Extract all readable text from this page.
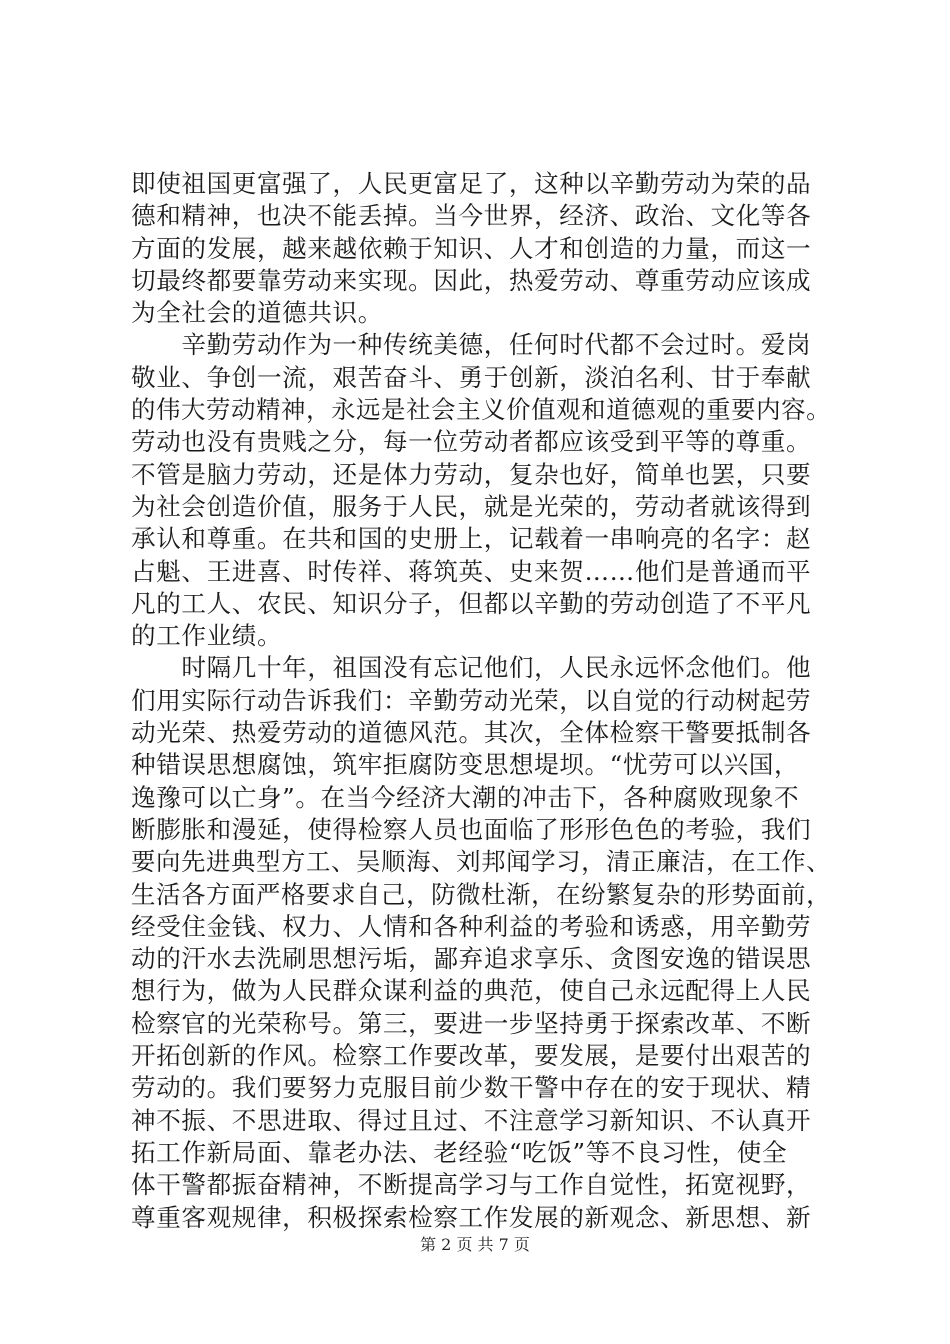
即使祖国更富强了，人民更富足了，这种以辛勤劳动为荣的品
德和精神，也决不能丢掉。当今世界，经济、政治、文化等各
方面的发展，越来越依赖于知识、人才和创造的力量，而这一
切最终都要靠劳动来实现。因此，热爱劳动、尊重劳动应该成
为全社会的道德共识。
　　辛勤劳动作为一种传统美德，任何时代都不会过时。爱岗
敬业、争创一流，艰苦奋斗、勇于创新，淡泊名利、甘于奉献
的伟大劳动精神，永远是社会主义价值观和道德观的重要内容。
劳动也没有贵贱之分，每一位劳动者都应该受到平等的尊重。
不管是脑力劳动，还是体力劳动，复杂也好，简单也罢，只要
为社会创造价值，服务于人民，就是光荣的，劳动者就该得到
承认和尊重。在共和国的史册上，记载着一串响亮的名字：赵
占魁、王进喜、时传祥、蒋筑英、史来贺……他们是普通而平
凡的工人、农民、知识分子，但都以辛勤的劳动创造了不平凡
的工作业绩。
　　时隔几十年，祖国没有忘记他们，人民永远怀念他们。他
们用实际行动告诉我们：辛勤劳动光荣，以自觉的行动树起劳
动光荣、热爱劳动的道德风范。其次，全体检察干警要抵制各
种错误思想腐蚀，筑牢拒腐防变思想堤坝。“忧劳可以兴国，
逸豫可以亡身”。在当今经济大潮的冲击下，各种腐败现象不
断膨胀和漫延，使得检察人员也面临了形形色色的考验，我们
要向先进典型方工、吴顺海、刘邦闻学习，清正廉洁，在工作、
生活各方面严格要求自己，防微杜渐，在纷繁复杂的形势面前，
经受住金钱、权力、人情和各种利益的考验和诱惑，用辛勤劳
动的汗水去洗刷思想污垢，鄙弃追求享乐、贪图安逸的错误思
想行为，做为人民群众谋利益的典范，使自己永远配得上人民
检察官的光荣称号。第三，要进一步坚持勇于探索改革、不断
开拓创新的作风。检察工作要改革，要发展，是要付出艰苦的
劳动的。我们要努力克服目前少数干警中存在的安于现状、精
神不振、不思进取、得过且过、不注意学习新知识、不认真开
拓工作新局面、靠老办法、老经验“吃饭”等不良习性，使全
体干警都振奋精神，不断提高学习与工作自觉性，拓宽视野，
尊重客观规律，积极探索检察工作发展的新观念、新思想、新
第 2 页 共 7 页
